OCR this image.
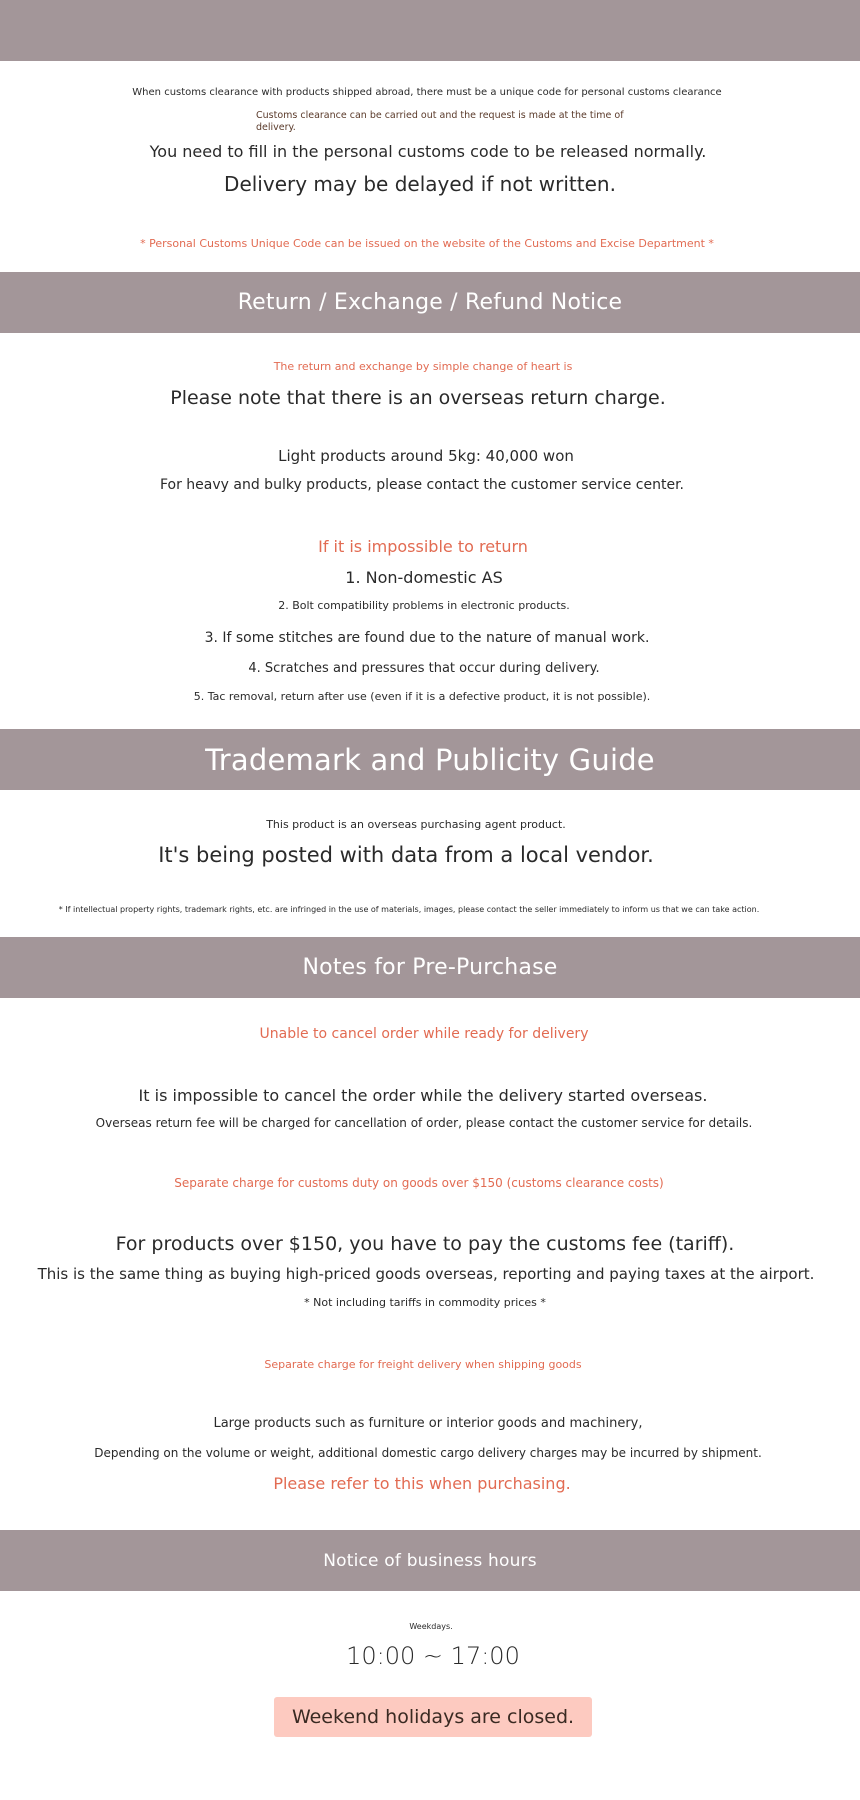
When customs clearance with products shipped abroad, there must be a unique code for personal customs clearance
Customs clearance can be carried out and the request is made at the time of
delivery.
You need to fill in the personal customs code to be released normally.
Delivery may be delayed if not written.
* Personal Customs Unique Code can be issued on the website of the Customs and Excise Department *
Return / Exchange / Refund Notice
The return and exchange by simple change of heart is
Please note that there is an overseas return charge.
Light products around 5kg: 40,000 won
For heavy and bulky products, please contact the customer service center.
If it is impossible to return
1. Non-domestic AS
2. Bolt compatibility problems in electronic products.
3. If some stitches are found due to the nature of manual work.
4. Scratches and pressures that occur during delivery.
5. Tac removal, return after use (even if it is a defective product, it is not possible).
Trademark and Publicity Guide
This product is an overseas purchasing agent product.
It's being posted with data from a local vendor.
* If intellectual property rights, trademark rights, etc. are infringed in the use of materials, images, please contact the seller immediately to inform us that we can take action.
Notes for Pre-Purchase
Unable to cancel order while ready for delivery
It is impossible to cancel the order while the delivery started overseas.
Overseas return fee will be charged for cancellation of order, please contact the customer service for details.
Separate charge for customs duty on goods over $150 (customs clearance costs)
For products over $150, you have to pay the customs fee (tariff).
This is the same thing as buying high-priced goods overseas, reporting and paying taxes at the airport.
* Not including tariffs in commodity prices *
Separate charge for freight delivery when shipping goods
Large products such as furniture or interior goods and machinery,
Depending on the volume or weight, additional domestic cargo delivery charges may be incurred by shipment.
Please refer to this when purchasing.
Notice of business hours
Weekdays.
10:00 ~ 17:00
Weekend holidays are closed.
